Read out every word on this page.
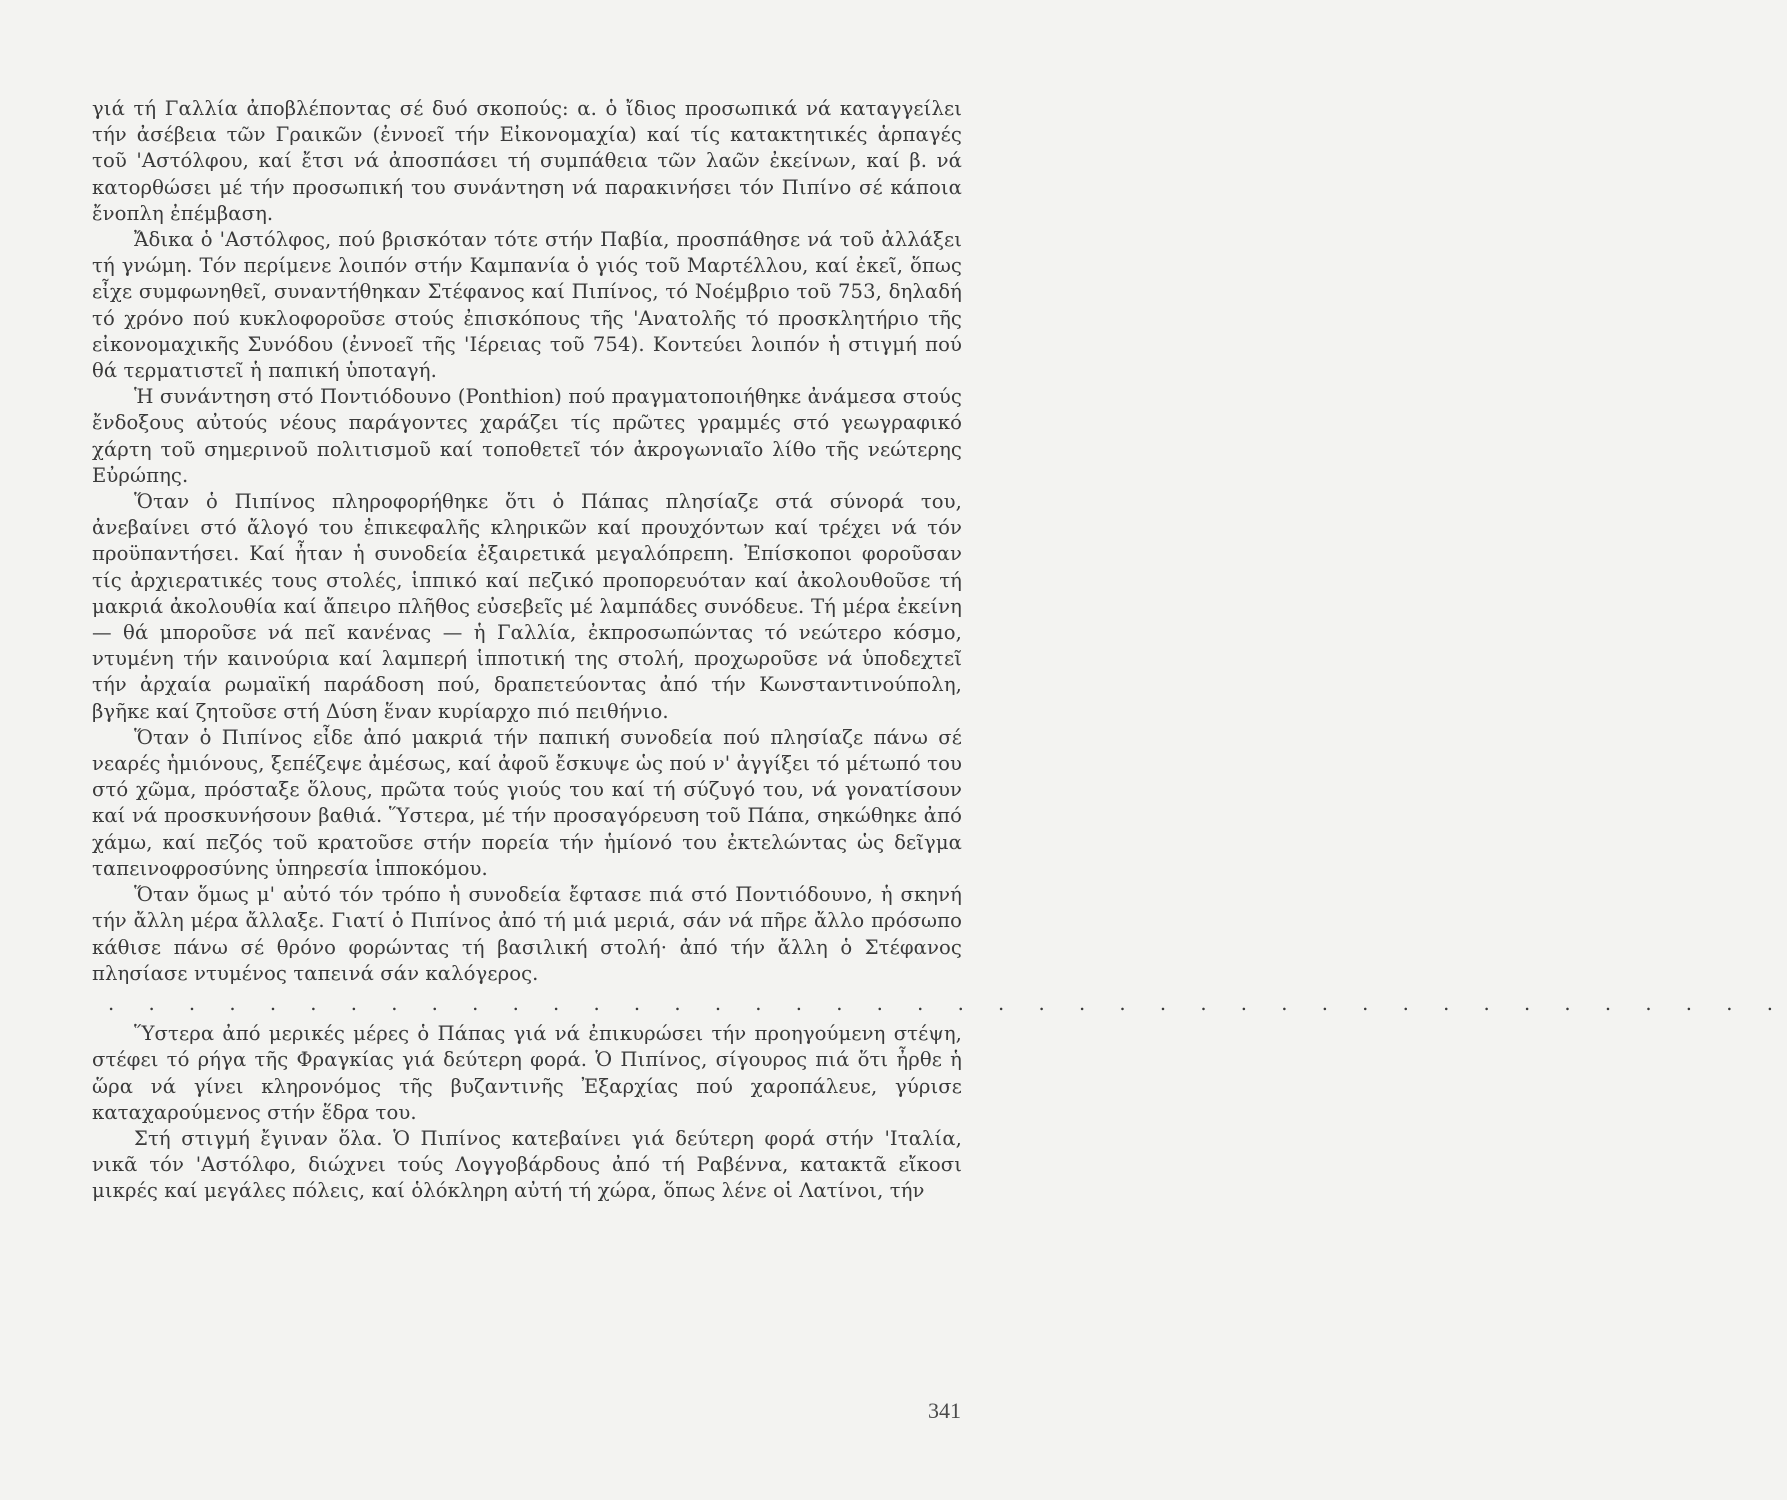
γιά τή Γαλλία ἀποβλέποντας σέ δυό σκοπούς: α. ὁ ἴδιος προσωπικά νά καταγγείλει τήν ἀσέβεια τῶν Γραικῶν (ἐννοεῖ τήν Εἰκονομαχία) καί τίς κατακτητικές ἁρπαγές τοῦ 'Αστόλφου, καί ἔτσι νά ἀποσπάσει τή συμπάθεια τῶν λαῶν ἐκείνων, καί β. νά κατορθώσει μέ τήν προσωπική του συνάντηση νά παρακινήσει τόν Πιπίνο σέ κάποια ἔνοπλη ἐπέμβαση.

Ἄδικα ὁ 'Αστόλφος, πού βρισκόταν τότε στήν Παβία, προσπάθησε νά τοῦ ἀλλάξει τή γνώμη. Τόν περίμενε λοιπόν στήν Καμπανία ὁ γιός τοῦ Μαρτέλλου, καί ἐκεῖ, ὅπως εἶχε συμφωνηθεῖ, συναντήθηκαν Στέφανος καί Πιπίνος, τό Νοέμβριο τοῦ 753, δηλαδή τό χρόνο πού κυκλοφοροῦσε στούς ἐπισκόπους τῆς 'Ανατολῆς τό προσκλητήριο τῆς εἰκονομαχικῆς Συνόδου (ἐννοεῖ τῆς 'Ιέρειας τοῦ 754). Κοντεύει λοιπόν ἡ στιγμή πού θά τερματιστεῖ ἡ παπική ὑποταγή.

Ἡ συνάντηση στό Ποντιόδουνο (Ponthion) πού πραγματοποιήθηκε ἀνάμεσα στούς ἔνδοξους αὐτούς νέους παράγοντες χαράζει τίς πρῶτες γραμμές στό γεωγραφικό χάρτη τοῦ σημερινοῦ πολιτισμοῦ καί τοποθετεῖ τόν ἀκρογωνιαῖο λίθο τῆς νεώτερης Εὐρώπης.

Ὅταν ὁ Πιπίνος πληροφορήθηκε ὅτι ὁ Πάπας πλησίαζε στά σύνορά του, ἀνεβαίνει στό ἄλογό του ἐπικεφαλῆς κληρικῶν καί πρoυχόντων καί τρέχει νά τόν προϋπαντήσει. Καί ἦταν ἡ συνοδεία ἐξαιρετικά μεγαλόπρεπη. Ἐπίσκοποι φοροῦσαν τίς ἀρχιερατικές τους στολές, ἱππικό καί πεζικό προπορευόταν καί ἀκολουθοῦσε τή μακριά ἀκολουθία καί ἄπειρο πλῆθος εὐσεβεῖς μέ λαμπάδες συνόδευε. Τή μέρα ἐκείνη — θά μποροῦσε νά πεῖ κανένας — ἡ Γαλλία, ἐκπροσωπώντας τό νεώτερο κόσμο, ντυμένη τήν καινούρια καί λαμπερή ἱπποτική της στολή, προχωροῦσε νά ὑποδεχτεῖ τήν ἀρχαία ρωμαϊκή παράδοση πού, δραπετεύοντας ἀπό τήν Κωνσταντινούπολη, βγῆκε καί ζητοῦσε στή Δύση ἕναν κυρίαρχο πιό πειθήνιο.

Ὅταν ὁ Πιπίνος εἶδε ἀπό μακριά τήν παπική συνοδεία πού πλησίαζε πάνω σέ νεαρές ἡμιόνους, ξεπέζεψε ἀμέσως, καί ἀφοῦ ἔσκυψε ὡς πού ν' ἀγγίξει τό μέτωπό του στό χῶμα, πρόσταξε ὅλους, πρῶτα τούς γιούς του καί τή σύζυγό του, νά γονατίσουν καί νά προσκυνήσουν βαθιά. Ὕστερα, μέ τήν προσαγόρευση τοῦ Πάπα, σηκώθηκε ἀπό χάμω, καί πεζός τοῦ κρατοῦσε στήν πορεία τήν ἡμίονό του ἐκτελώντας ὡς δεῖγμα ταπεινοφροσύνης ὑπηρεσία ἱπποκόμου.

Ὅταν ὅμως μ' αὐτό τόν τρόπο ἡ συνοδεία ἔφτασε πιά στό Ποντιόδουνο, ἡ σκηνή τήν ἄλλη μέρα ἄλλαξε. Γιατί ὁ Πιπίνος ἀπό τή μιά μεριά, σάν νά πῆρε ἄλλο πρόσωπο κάθισε πάνω σέ θρόνο φορώντας τή βασιλική στολή· ἀπό τήν ἄλλη ὁ Στέφανος πλησίασε ντυμένος ταπεινά σάν καλόγερος.

. . . . . . . . . . . . . . . . . . . . . . . . . . . . . . . . . . . . . . . . . .

Ὕστερα ἀπό μερικές μέρες ὁ Πάπας γιά νά ἐπικυρώσει τήν προηγούμενη στέψη, στέφει τό ρήγα τῆς Φραγκίας γιά δεύτερη φορά. Ὁ Πιπίνος, σίγουρος πιά ὅτι ἦρθε ἡ ὥρα νά γίνει κληρονόμος τῆς βυζαντινῆς Ἐξαρχίας πού χαροπάλευε, γύρισε καταχαρούμενος στήν ἕδρα του.

Στή στιγμή ἔγιναν ὅλα. Ὁ Πιπίνος κατεβαίνει γιά δεύτερη φορά στήν 'Ιταλία, νικᾶ τόν 'Αστόλφο, διώχνει τούς Λογγοβάρδους ἀπό τή Ραβέννα, κατακτᾶ εἴκοσι μικρές καί μεγάλες πόλεις, καί ὁλόκληρη αὐτή τή χώρα, ὅπως λένε οἱ Λατίνοι, τήν

341
